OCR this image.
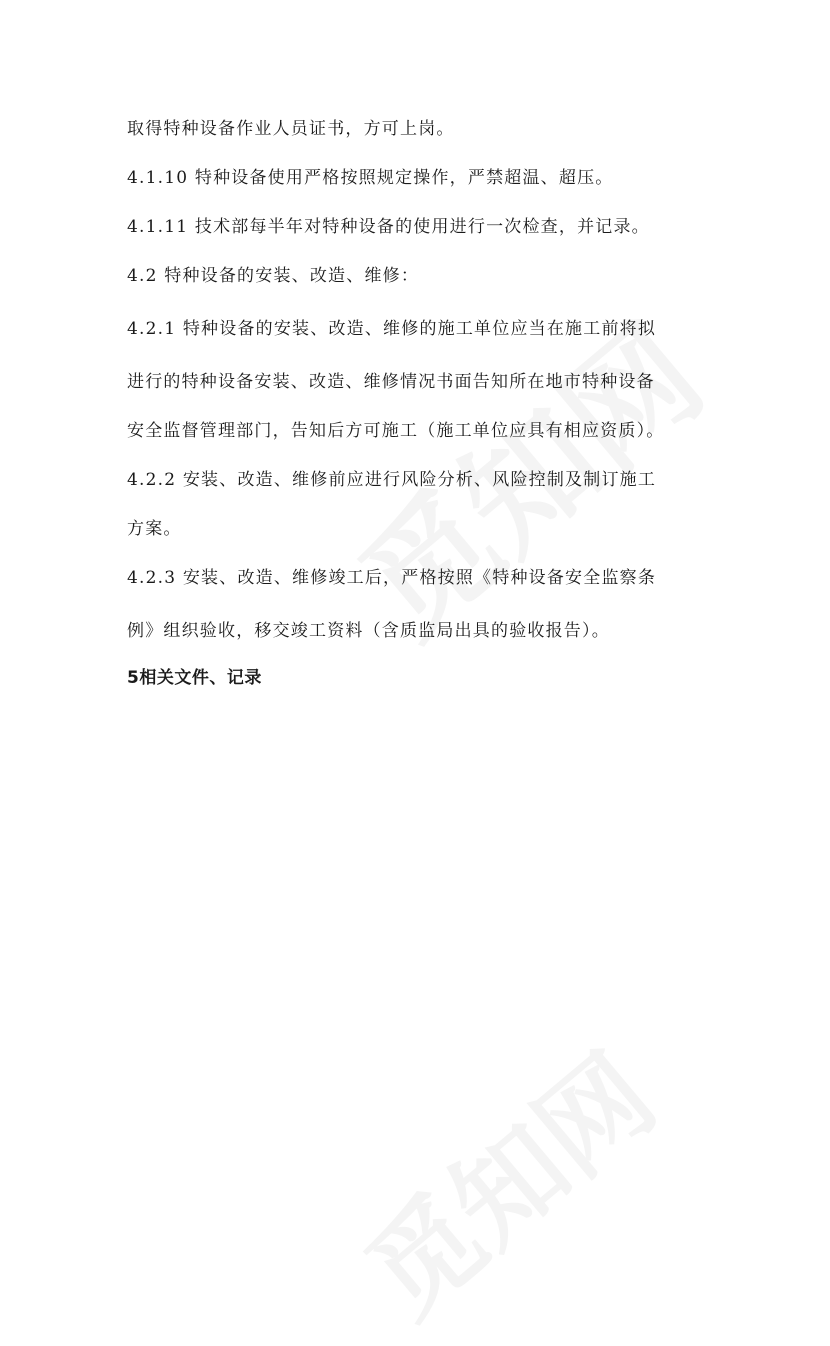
取得特种设备作业人员证书，方可上岗。
4.1.10 特种设备使用严格按照规定操作，严禁超温、超压。
4.1.11 技术部每半年对特种设备的使用进行一次检查，并记录。
4.2 特种设备的安装、改造、维修：
4.2.1 特种设备的安装、改造、维修的施工单位应当在施工前将拟
进行的特种设备安装、改造、维修情况书面告知所在地市特种设备
安全监督管理部门，告知后方可施工（施工单位应具有相应资质）。
4.2.2 安装、改造、维修前应进行风险分析、风险控制及制订施工
方案。
4.2.3 安装、改造、维修竣工后，严格按照《特种设备安全监察条
例》组织验收，移交竣工资料（含质监局出具的验收报告）。
5相关文件、记录
